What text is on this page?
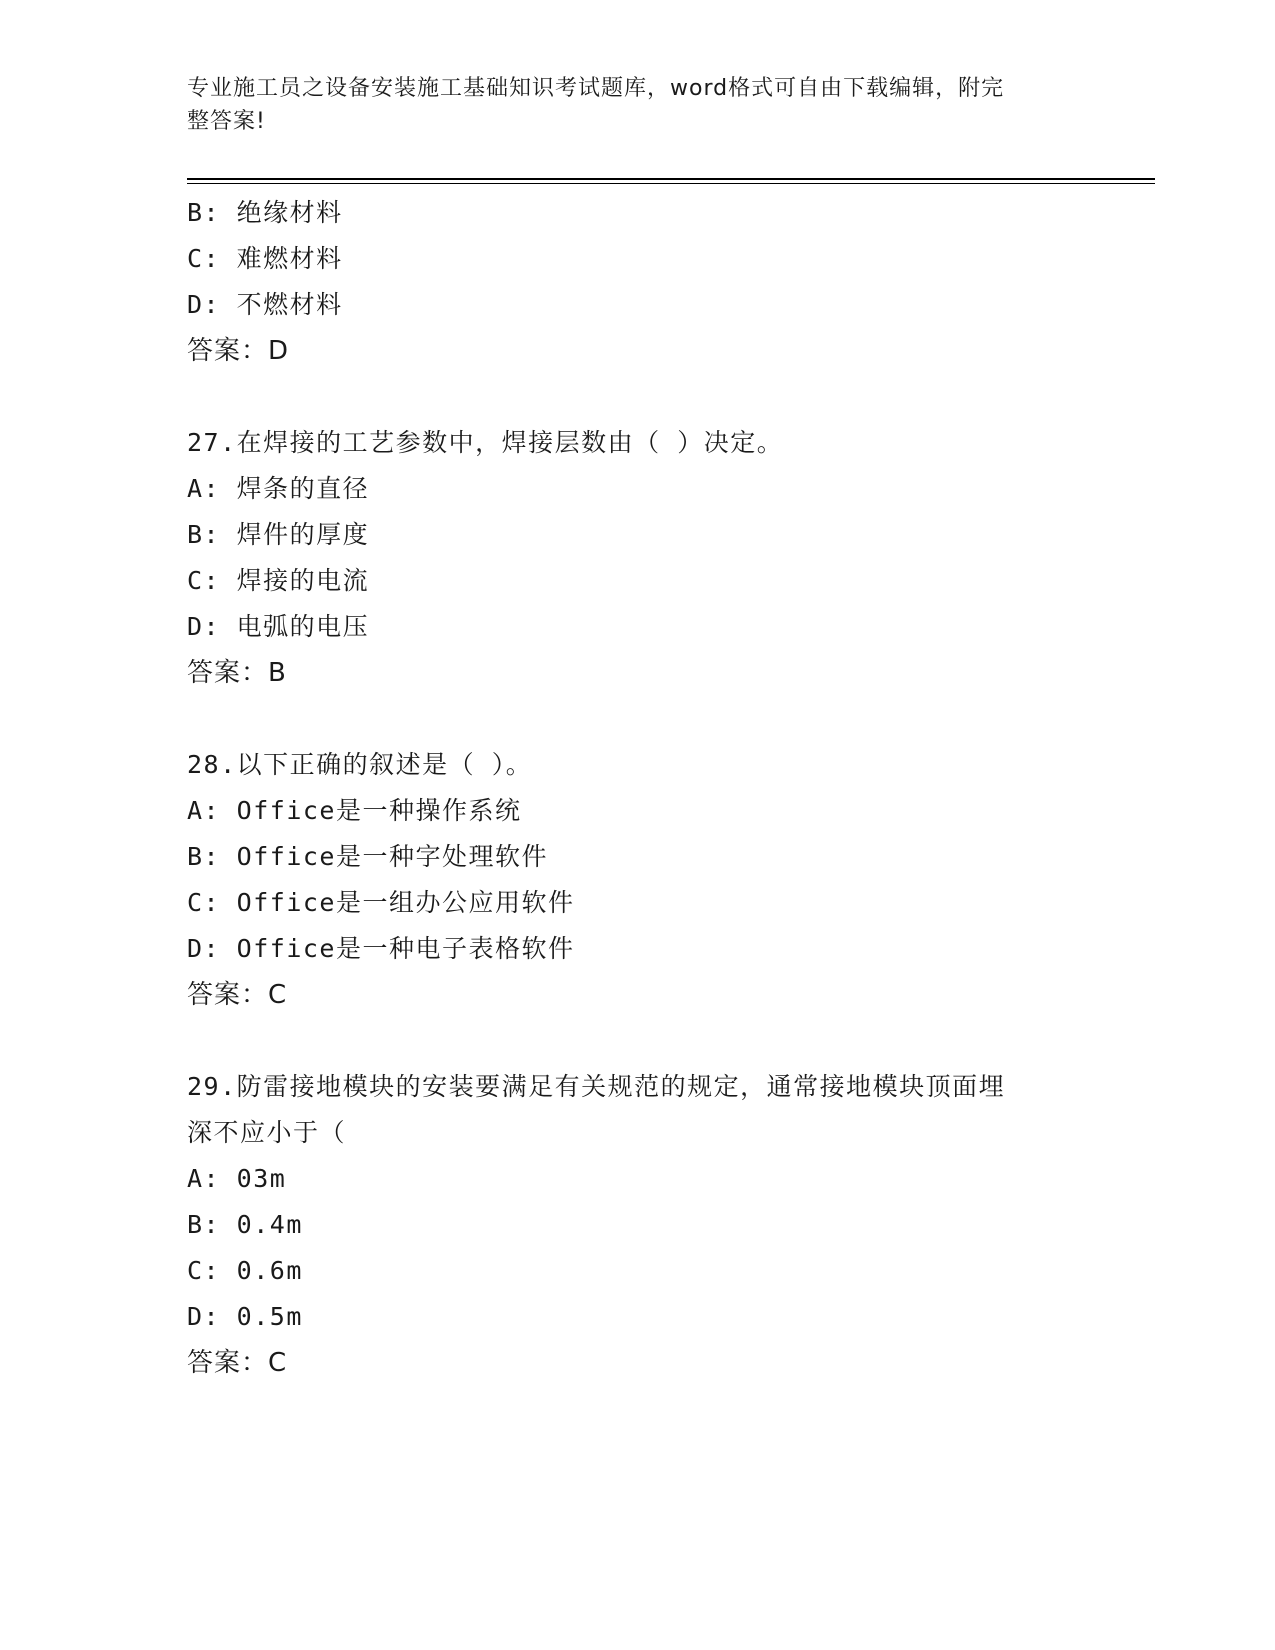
专业施工员之设备安装施工基础知识考试题库，word格式可自由下载编辑，附完
整答案!
B: 绝缘材料
C: 难燃材料
D: 不燃材料
答案：D
27.在焊接的工艺参数中，焊接层数由（ ）决定。
A: 焊条的直径
B: 焊件的厚度
C: 焊接的电流
D: 电弧的电压
答案：B
28.以下正确的叙述是（ ）。
A: Office是一种操作系统
B: Office是一种字处理软件
C: Office是一组办公应用软件
D: Office是一种电子表格软件
答案：C
29.防雷接地模块的安装要满足有关规范的规定，通常接地模块顶面埋
深不应小于（
A: 03m
B: 0.4m
C: 0.6m
D: 0.5m
答案：C
